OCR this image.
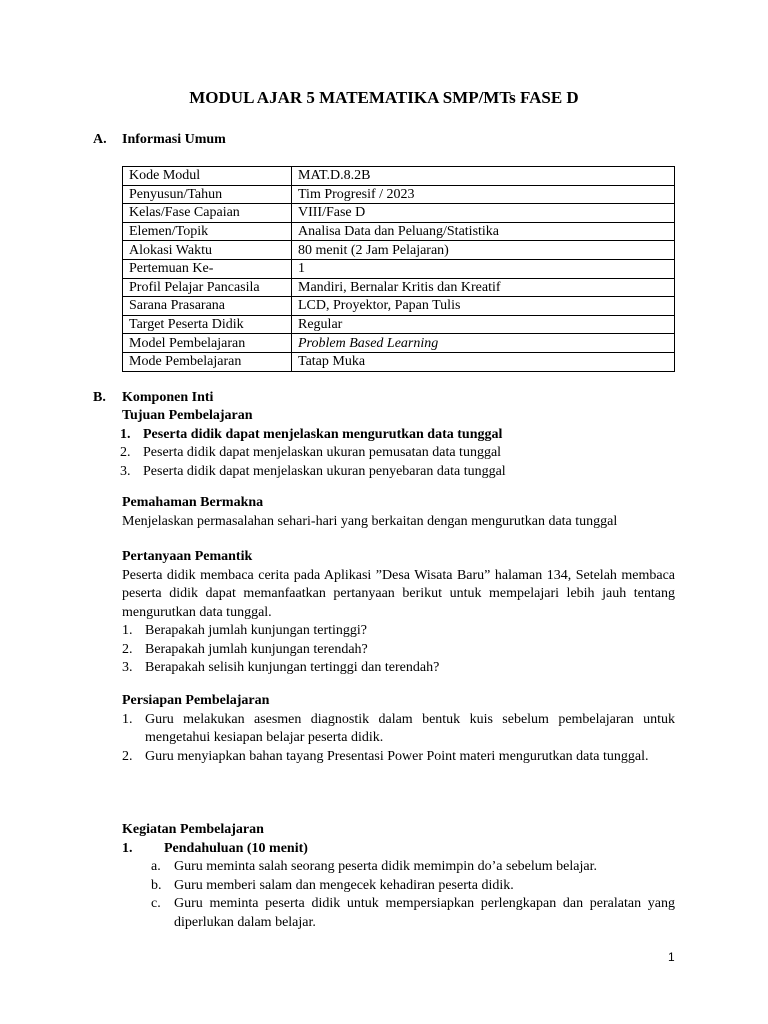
MODUL AJAR 5 MATEMATIKA SMP/MTs FASE D
A. Informasi Umum
Kode Modul	MAT.D.8.2B
Penyusun/Tahun	Tim Progresif / 2023
Kelas/Fase Capaian	VIII/Fase D
Elemen/Topik	Analisa Data dan Peluang/Statistika
Alokasi Waktu	80 menit (2 Jam Pelajaran)
Pertemuan Ke-	1
Profil Pelajar Pancasila	Mandiri, Bernalar Kritis dan Kreatif
Sarana Prasarana	LCD, Proyektor, Papan Tulis
Target Peserta Didik	Regular
Model Pembelajaran	Problem Based Learning
Mode Pembelajaran	Tatap Muka
B. Komponen Inti
Tujuan Pembelajaran
1. Peserta didik dapat menjelaskan mengurutkan data tunggal
2. Peserta didik dapat menjelaskan ukuran pemusatan data tunggal
3. Peserta didik dapat menjelaskan ukuran penyebaran data tunggal
Pemahaman Bermakna
Menjelaskan permasalahan sehari-hari yang berkaitan dengan mengurutkan data tunggal
Pertanyaan Pemantik
Peserta didik membaca cerita pada Aplikasi ”Desa Wisata Baru” halaman 134, Setelah membaca peserta didik dapat memanfaatkan pertanyaan berikut untuk mempelajari lebih jauh tentang mengurutkan data tunggal.
1. Berapakah jumlah kunjungan tertinggi?
2. Berapakah jumlah kunjungan terendah?
3. Berapakah selisih kunjungan tertinggi dan terendah?
Persiapan Pembelajaran
1. Guru melakukan asesmen diagnostik dalam bentuk kuis sebelum pembelajaran untuk mengetahui kesiapan belajar peserta didik.
2. Guru menyiapkan bahan tayang Presentasi Power Point materi mengurutkan data tunggal.
Kegiatan Pembelajaran
1. Pendahuluan (10 menit)
a. Guru meminta salah seorang peserta didik memimpin do’a sebelum belajar.
b. Guru memberi salam dan mengecek kehadiran peserta didik.
c. Guru meminta peserta didik untuk mempersiapkan perlengkapan dan peralatan yang diperlukan dalam belajar.
1
